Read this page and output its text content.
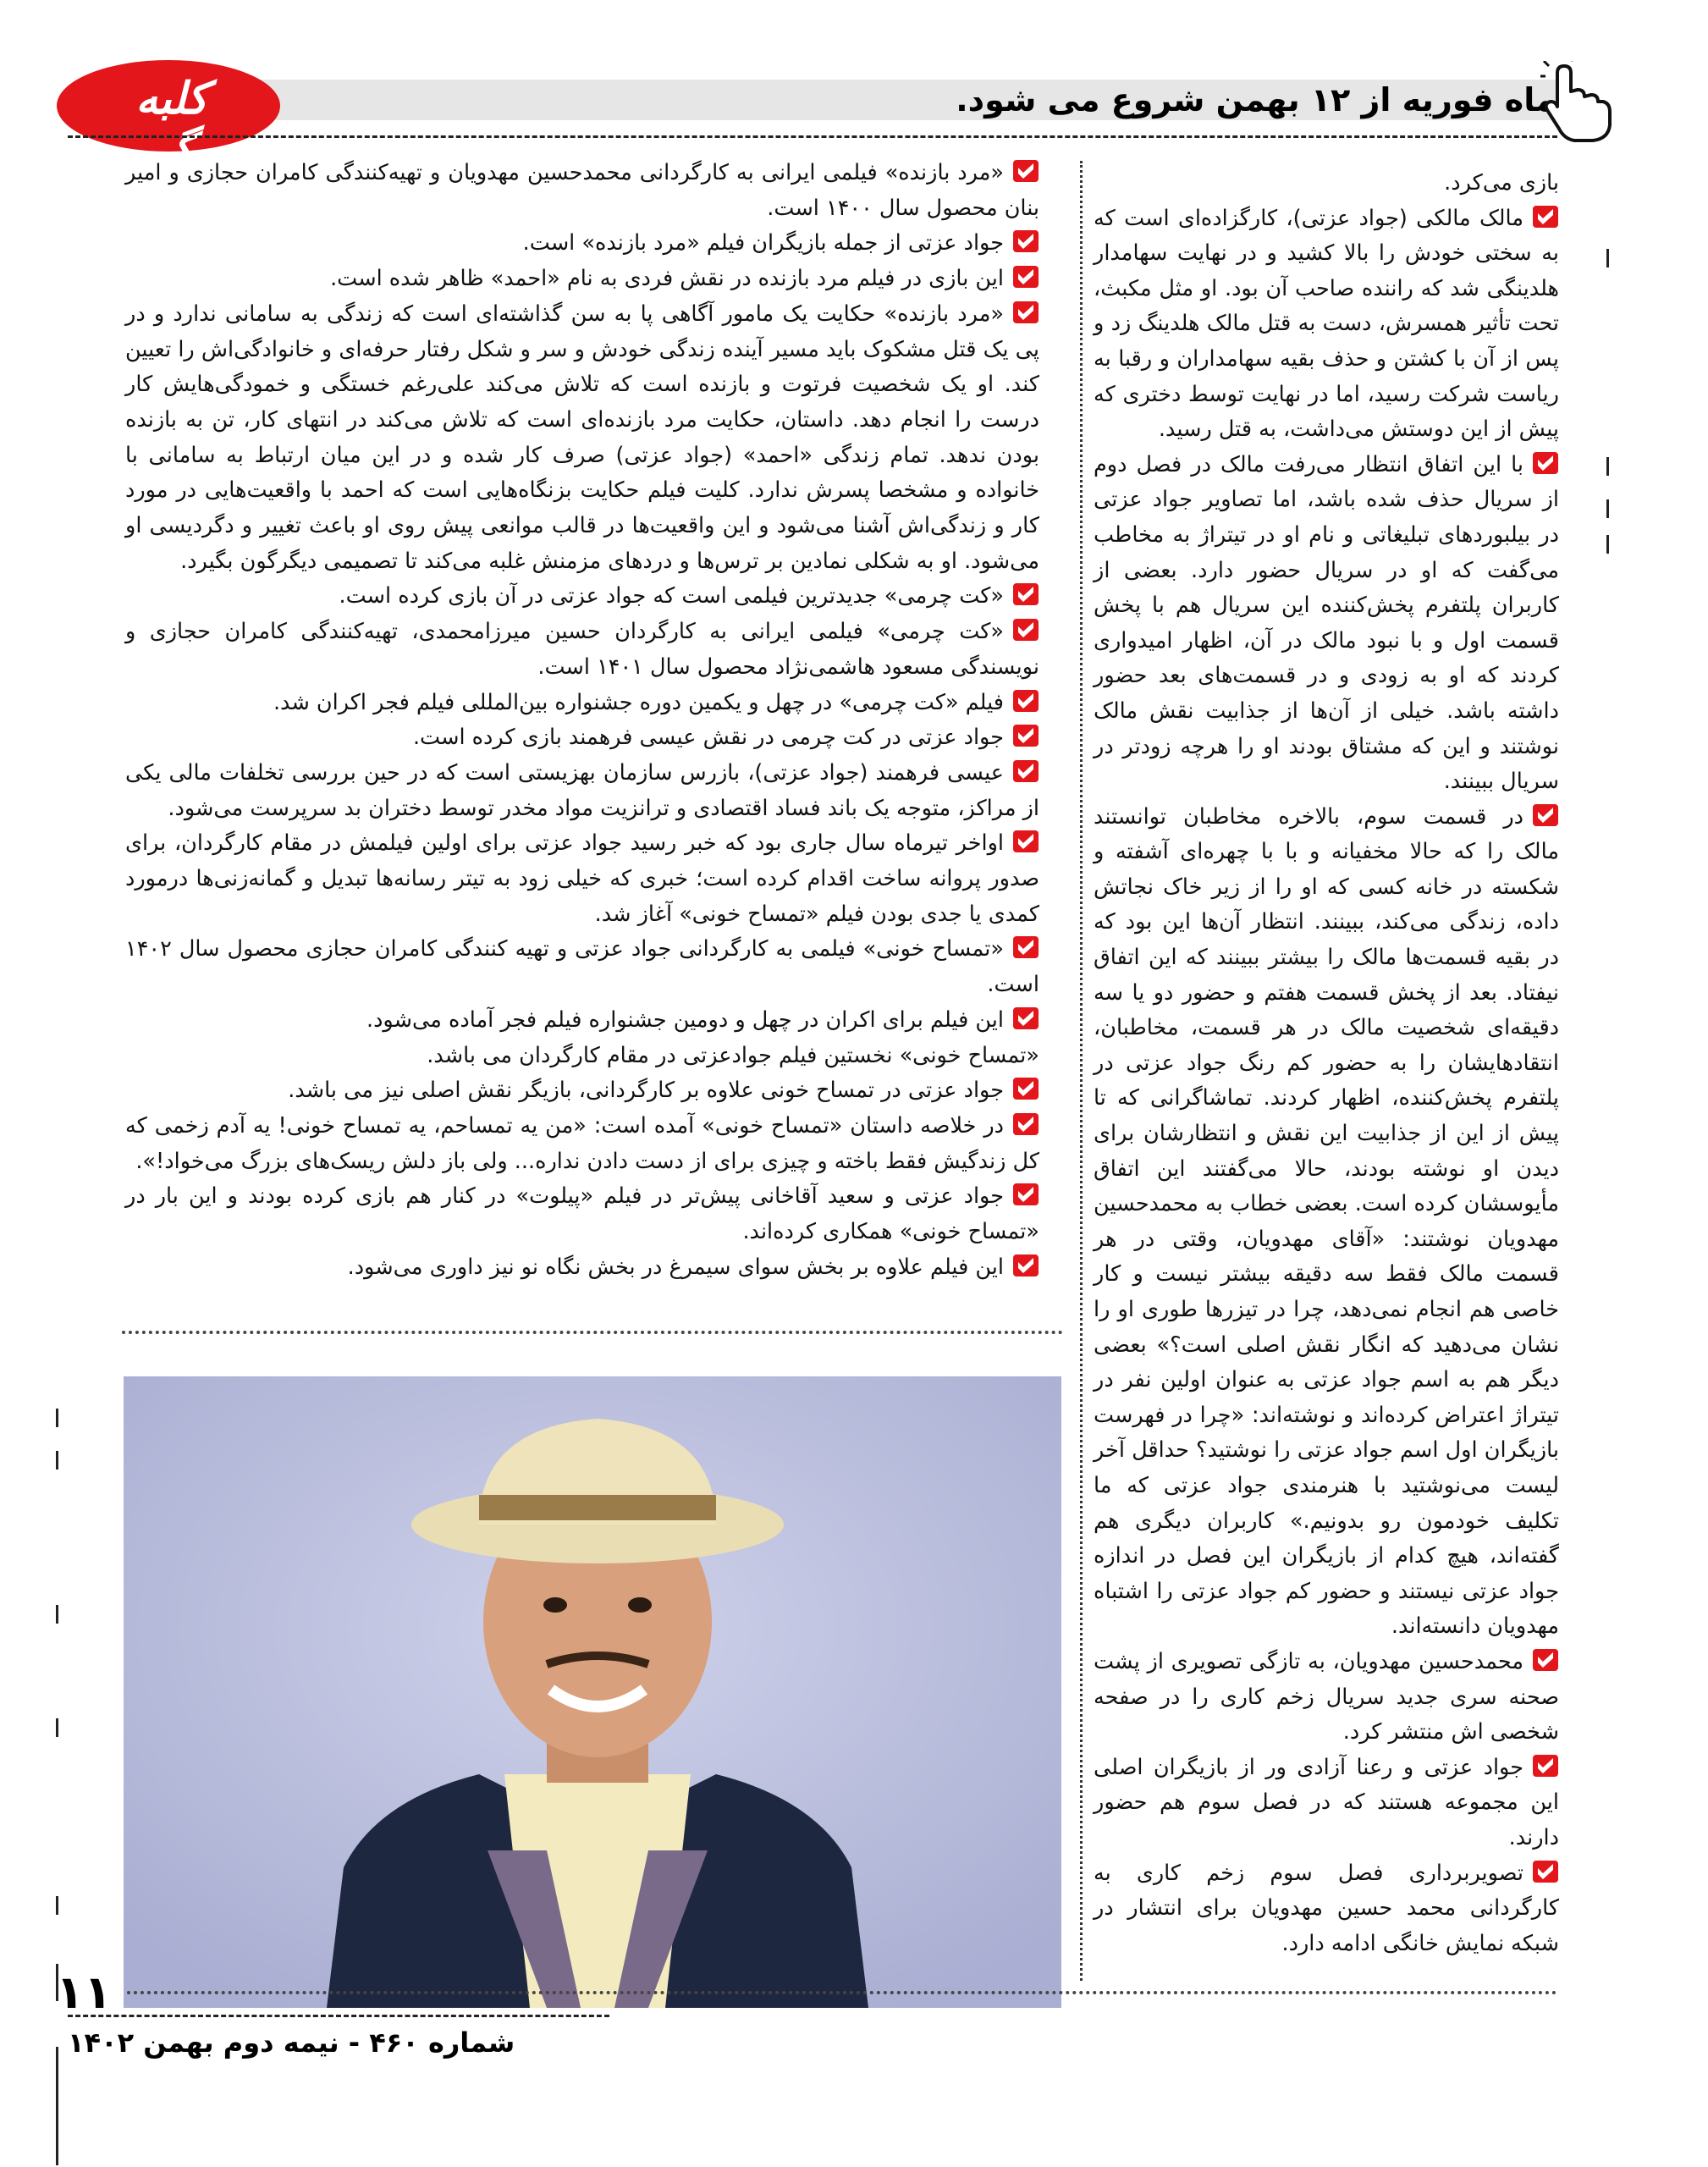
ماه فوریه از ۱۲ بهمن شروع می شود.
کلبه سرگرمی

بازی می‌کرد.

مالک مالکی (جواد عزتی)، کارگزاده‌ای است که به سختی خودش را بالا کشید و در نهایت سهامدار هلدینگی شد که راننده صاحب آن بود. او مثل مکبث، تحت تأثیر همسرش، دست به قتل مالک هلدینگ زد و پس از آن با کشتن و حذف بقیه سهامداران و رقبا به ریاست شرکت رسید، اما در نهایت توسط دختری که پیش از این دوستش می‌داشت، به قتل رسید.

با این اتفاق انتظار می‌رفت مالک در فصل دوم از سریال حذف شده باشد، اما تصاویر جواد عزتی در بیلبوردهای تبلیغاتی و نام او در تیتراژ به مخاطب می‌گفت که او در سریال حضور دارد. بعضی از کاربران پلتفرم پخش‌کننده این سریال هم با پخش قسمت اول و با نبود مالک در آن، اظهار امیدواری کردند که او به زودی و در قسمت‌های بعد حضور داشته باشد. خیلی از آن‌ها از جذابیت نقش مالک نوشتند و این که مشتاق بودند او را هرچه زودتر در سریال ببینند.

در قسمت سوم، بالاخره مخاطبان توانستند مالک را که حالا مخفیانه و با با چهره‌ای آشفته و شکسته در خانه کسی که او را از زیر خاک نجاتش داده، زندگی می‌کند، ببینند. انتظار آن‌ها این بود که در بقیه قسمت‌ها مالک را بیشتر ببینند که این اتفاق نیفتاد. بعد از پخش قسمت هفتم و حضور دو یا سه دقیقه‌ای شخصیت مالک در هر قسمت، مخاطبان، انتقادهایشان را به حضور کم رنگ جواد عزتی در پلتفرم پخش‌کننده، اظهار کردند. تماشاگرانی که تا پیش از این از جذابیت این نقش و انتظارشان برای دیدن او نوشته بودند، حالا می‌گفتند این اتفاق مأیوسشان کرده است. بعضی خطاب به محمدحسین مهدویان نوشتند: «آقای مهدویان، وقتی در هر قسمت مالک فقط سه دقیقه بیشتر نیست و کار خاصی هم انجام نمی‌دهد، چرا در تیزرها طوری او را نشان می‌دهید که انگار نقش اصلی است؟» بعضی دیگر هم به اسم جواد عزتی به عنوان اولین نفر در تیتراژ اعتراض کرده‌اند و نوشته‌اند: «چرا در فهرست بازیگران اول اسم جواد عزتی را نوشتید؟ حداقل آخر لیست می‌نوشتید با هنرمندی جواد عزتی که ما تکلیف خودمون رو بدونیم.» کاربران دیگری هم گفته‌اند، هیچ کدام از بازیگران این فصل در اندازه جواد عزتی نیستند و حضور کم جواد عزتی را اشتباه مهدویان دانسته‌اند.

محمدحسین مهدویان، به تازگی تصویری از پشت صحنه سری جدید سریال زخم کاری را در صفحه شخصی اش منتشر کرد.

جواد عزتی و رعنا آزادی ور از بازیگران اصلی این مجموعه هستند که در فصل سوم هم حضور دارند.

تصویربرداری فصل سوم زخم کاری به کارگردانی محمد حسین مهدویان برای انتشار در شبکه نمایش خانگی ادامه دارد.

«مرد بازنده» فیلمی ایرانی به کارگردانی محمدحسین مهدویان و تهیه‌کنندگی کامران حجازی و امیر بنان محصول سال ۱۴۰۰ است.

جواد عزتی از جمله بازیگران فیلم «مرد بازنده» است.

این بازی در فیلم مرد بازنده در نقش فردی به نام «احمد» ظاهر شده است.

«مرد بازنده» حکایت یک مامور آگاهی پا به سن گذاشته‌ای است که زندگی به سامانی ندارد و در پی یک قتل مشکوک باید مسیر آینده زندگی خودش و سر و شکل رفتار حرفه‌ای و خانوادگی‌اش را تعیین کند. او یک شخصیت فرتوت و بازنده است که تلاش می‌کند علی‌رغم خستگی و خمودگی‌هایش کار درست را انجام دهد. داستان، حکایت مرد بازنده‌ای است که تلاش می‌کند در انتهای کار، تن به بازنده بودن ندهد. تمام زندگی «احمد» (جواد عزتی) صرف کار شده و در این میان ارتباط به سامانی با خانواده و مشخصا پسرش ندارد. کلیت فیلم حکایت بزنگاه‌هایی است که احمد با واقعیت‌هایی در مورد کار و زندگی‌اش آشنا می‌شود و این واقعیت‌ها در قالب موانعی پیش روی او باعث تغییر و دگردیسی او می‌شود. او به شکلی نمادین بر ترس‌ها و دردهای مزمنش غلبه می‌کند تا تصمیمی دیگرگون بگیرد.

«کت چرمی» جدیدترین فیلمی است که جواد عزتی در آن بازی کرده است.

«کت چرمی» فیلمی ایرانی به کارگردان حسین میرزامحمدی، تهیه‌کنندگی کامران حجازی و نویسندگی مسعود هاشمی‌نژاد محصول سال ۱۴۰۱ است.

فیلم «کت چرمی» در چهل و یکمین دوره جشنواره بین‌المللی فیلم فجر اکران شد.

جواد عزتی در کت چرمی در نقش عیسی فرهمند بازی کرده است.

عیسی فرهمند (جواد عزتی)، بازرس سازمان بهزیستی است که در حین بررسی تخلفات مالی یکی از مراکز، متوجه یک باند فساد اقتصادی و ترانزیت مواد مخدر توسط دختران بد سرپرست می‌شود.

اواخر تیرماه سال جاری بود که خبر رسید جواد عزتی برای اولین فیلمش در مقام کارگردان، برای صدور پروانه ساخت اقدام کرده است؛ خبری که خیلی زود به تیتر رسانه‌ها تبدیل و گمانه‌زنی‌ها درمورد کمدی یا جدی بودن فیلم «تمساح خونی» آغاز شد.

«تمساح خونی» فیلمی به کارگردانی جواد عزتی و تهیه کنندگی کامران حجازی محصول سال ۱۴۰۲ است.

این فیلم برای اکران در چهل و دومین جشنواره فیلم فجر آماده می‌شود.

«تمساح خونی» نخستین فیلم جوادعزتی در مقام کارگردان می باشد.

جواد عزتی در تمساح خونی علاوه بر کارگردانی، بازیگر نقش اصلی نیز می باشد.

در خلاصه داستان «تمساح خونی» آمده است: «من یه تمساحم، یه تمساح خونی! یه آدم زخمی که کل زندگیش فقط باخته و چیزی برای از دست دادن نداره... ولی باز دلش ریسک‌های بزرگ می‌خواد!».

جواد عزتی و سعید آقاخانی پیش‌تر در فیلم «پیلوت» در کنار هم بازی کرده بودند و این بار در «تمساح خونی» همکاری کرده‌اند.

این فیلم علاوه بر بخش سوای سیمرغ در بخش نگاه نو نیز داوری می‌شود.

۱۱
شماره ۴۶۰ - نیمه دوم بهمن ۱۴۰۲
